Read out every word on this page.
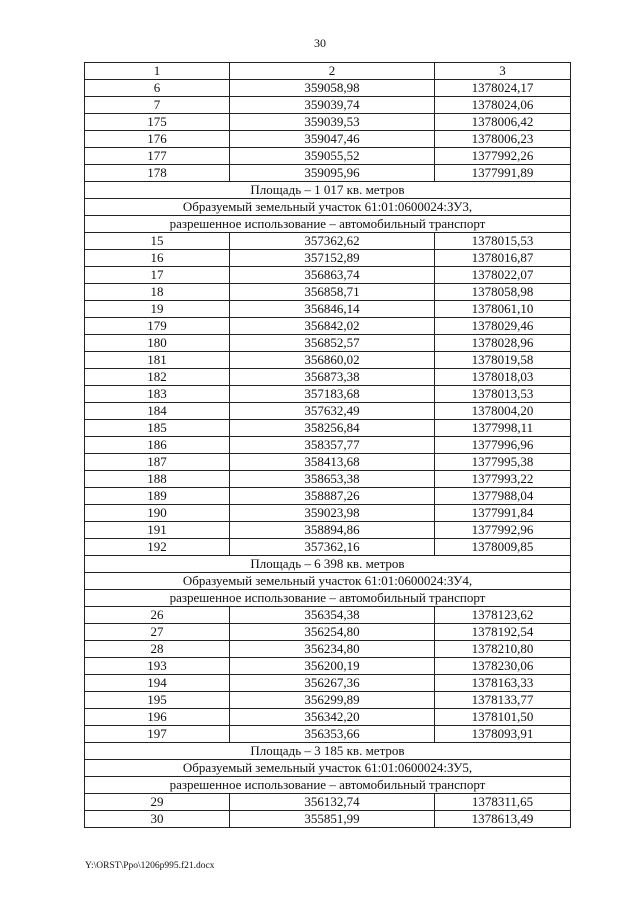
30
1	2	3
6	359058,98	1378024,17
7	359039,74	1378024,06
175	359039,53	1378006,42
176	359047,46	1378006,23
177	359055,52	1377992,26
178	359095,96	1377991,89
Площадь – 1 017 кв. метров		
Образуемый земельный участок 61:01:0600024:ЗУ3,		
разрешенное использование – автомобильный транспорт		
15	357362,62	1378015,53
16	357152,89	1378016,87
17	356863,74	1378022,07
18	356858,71	1378058,98
19	356846,14	1378061,10
179	356842,02	1378029,46
180	356852,57	1378028,96
181	356860,02	1378019,58
182	356873,38	1378018,03
183	357183,68	1378013,53
184	357632,49	1378004,20
185	358256,84	1377998,11
186	358357,77	1377996,96
187	358413,68	1377995,38
188	358653,38	1377993,22
189	358887,26	1377988,04
190	359023,98	1377991,84
191	358894,86	1377992,96
192	357362,16	1378009,85
Площадь – 6 398 кв. метров		
Образуемый земельный участок 61:01:0600024:ЗУ4,		
разрешенное использование – автомобильный транспорт		
26	356354,38	1378123,62
27	356254,80	1378192,54
28	356234,80	1378210,80
193	356200,19	1378230,06
194	356267,36	1378163,33
195	356299,89	1378133,77
196	356342,20	1378101,50
197	356353,66	1378093,91
Площадь – 3 185 кв. метров		
Образуемый земельный участок 61:01:0600024:ЗУ5,		
разрешенное использование – автомобильный транспорт		
29	356132,74	1378311,65
30	355851,99	1378613,49
Y:\ORST\Ppo\1206p995.f21.docx
